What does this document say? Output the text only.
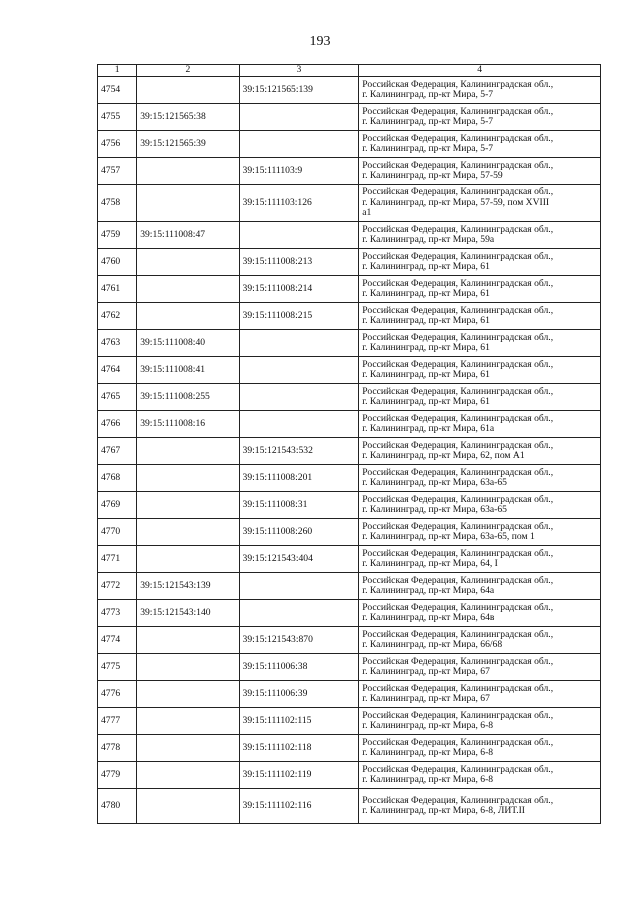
193
1	2	3	4
4754		39:15:121565:139	Российская Федерация, Калининградская обл.,
г. Калининград, пр-кт Мира, 5-7
4755	39:15:121565:38		Российская Федерация, Калининградская обл.,
г. Калининград, пр-кт Мира, 5-7
4756	39:15:121565:39		Российская Федерация, Калининградская обл.,
г. Калининград, пр-кт Мира, 5-7
4757		39:15:111103:9	Российская Федерация, Калининградская обл.,
г. Калининград, пр-кт Мира, 57-59
4758		39:15:111103:126	Российская Федерация, Калининградская обл.,
г. Калининград, пр-кт Мира, 57-59, пом XVIII
а1
4759	39:15:111008:47		Российская Федерация, Калининградская обл.,
г. Калининград, пр-кт Мира, 59а
4760		39:15:111008:213	Российская Федерация, Калининградская обл.,
г. Калининград, пр-кт Мира, 61
4761		39:15:111008:214	Российская Федерация, Калининградская обл.,
г. Калининград, пр-кт Мира, 61
4762		39:15:111008:215	Российская Федерация, Калининградская обл.,
г. Калининград, пр-кт Мира, 61
4763	39:15:111008:40		Российская Федерация, Калининградская обл.,
г. Калининград, пр-кт Мира, 61
4764	39:15:111008:41		Российская Федерация, Калининградская обл.,
г. Калининград, пр-кт Мира, 61
4765	39:15:111008:255		Российская Федерация, Калининградская обл.,
г. Калининград, пр-кт Мира, 61
4766	39:15:111008:16		Российская Федерация, Калининградская обл.,
г. Калининград, пр-кт Мира, 61а
4767		39:15:121543:532	Российская Федерация, Калининградская обл.,
г. Калининград, пр-кт Мира, 62, пом А1
4768		39:15:111008:201	Российская Федерация, Калининградская обл.,
г. Калининград, пр-кт Мира, 63а-65
4769		39:15:111008:31	Российская Федерация, Калининградская обл.,
г. Калининград, пр-кт Мира, 63а-65
4770		39:15:111008:260	Российская Федерация, Калининградская обл.,
г. Калининград, пр-кт Мира, 63а-65, пом 1
4771		39:15:121543:404	Российская Федерация, Калининградская обл.,
г. Калининград, пр-кт Мира, 64, I
4772	39:15:121543:139		Российская Федерация, Калининградская обл.,
г. Калининград, пр-кт Мира, 64а
4773	39:15:121543:140		Российская Федерация, Калининградская обл.,
г. Калининград, пр-кт Мира, 64в
4774		39:15:121543:870	Российская Федерация, Калининградская обл.,
г. Калининград, пр-кт Мира, 66/68
4775		39:15:111006:38	Российская Федерация, Калининградская обл.,
г. Калининград, пр-кт Мира, 67
4776		39:15:111006:39	Российская Федерация, Калининградская обл.,
г. Калининград, пр-кт Мира, 67
4777		39:15:111102:115	Российская Федерация, Калининградская обл.,
г. Калининград, пр-кт Мира, 6-8
4778		39:15:111102:118	Российская Федерация, Калининградская обл.,
г. Калининград, пр-кт Мира, 6-8
4779		39:15:111102:119	Российская Федерация, Калининградская обл.,
г. Калининград, пр-кт Мира, 6-8
4780		39:15:111102:116	Российская Федерация, Калининградская обл.,
г. Калининград, пр-кт Мира, 6-8, ЛИТ.II
